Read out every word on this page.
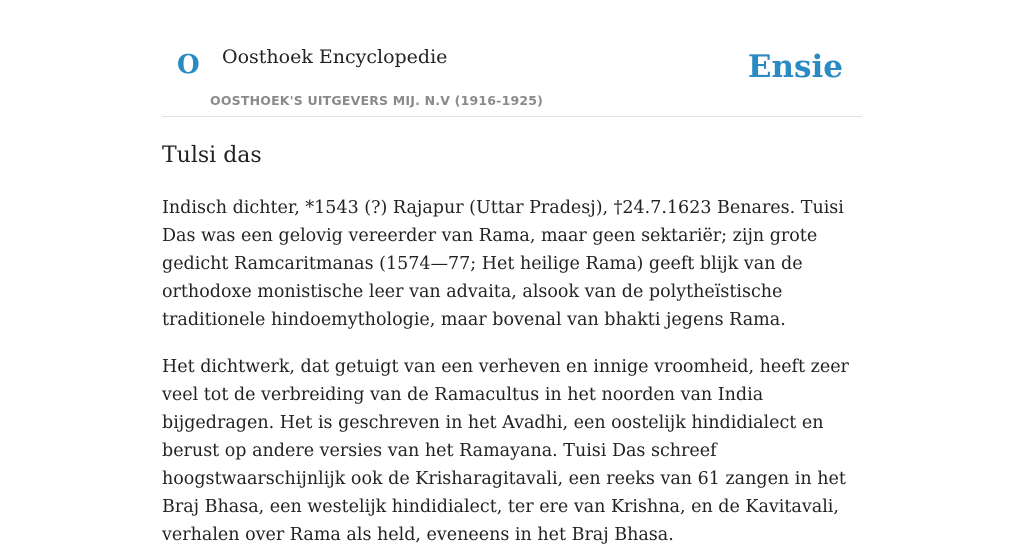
O Oosthoek Encyclopedie	Ensie
OOSTHOEK'S UITGEVERS MIJ. N.V (1916-1925)
Tulsi das

Indisch dichter, *1543 (?) Rajapur (Uttar Pradesj), †24.7.1623 Benares. Tuisi Das was een gelovig vereerder van Rama, maar geen sektariër; zijn grote gedicht Ramcaritmanas (1574—77; Het heilige Rama) geeft blijk van de orthodoxe monistische leer van advaita, alsook van de polytheïstische traditionele hindoemythologie, maar bovenal van bhakti jegens Rama.

Het dichtwerk, dat getuigt van een verheven en innige vroomheid, heeft zeer veel tot de verbreiding van de Ramacultus in het noorden van India bijgedragen. Het is geschreven in het Avadhi, een oostelijk hindidialect en berust op andere versies van het Ramayana. Tuisi Das schreef hoogstwaarschijnlijk ook de Krisharagitavali, een reeks van 61 zangen in het Braj Bhasa, een westelijk hindidialect, ter ere van Krishna, en de Kavitavali, verhalen over Rama als held, eveneens in het Braj Bhasa.
